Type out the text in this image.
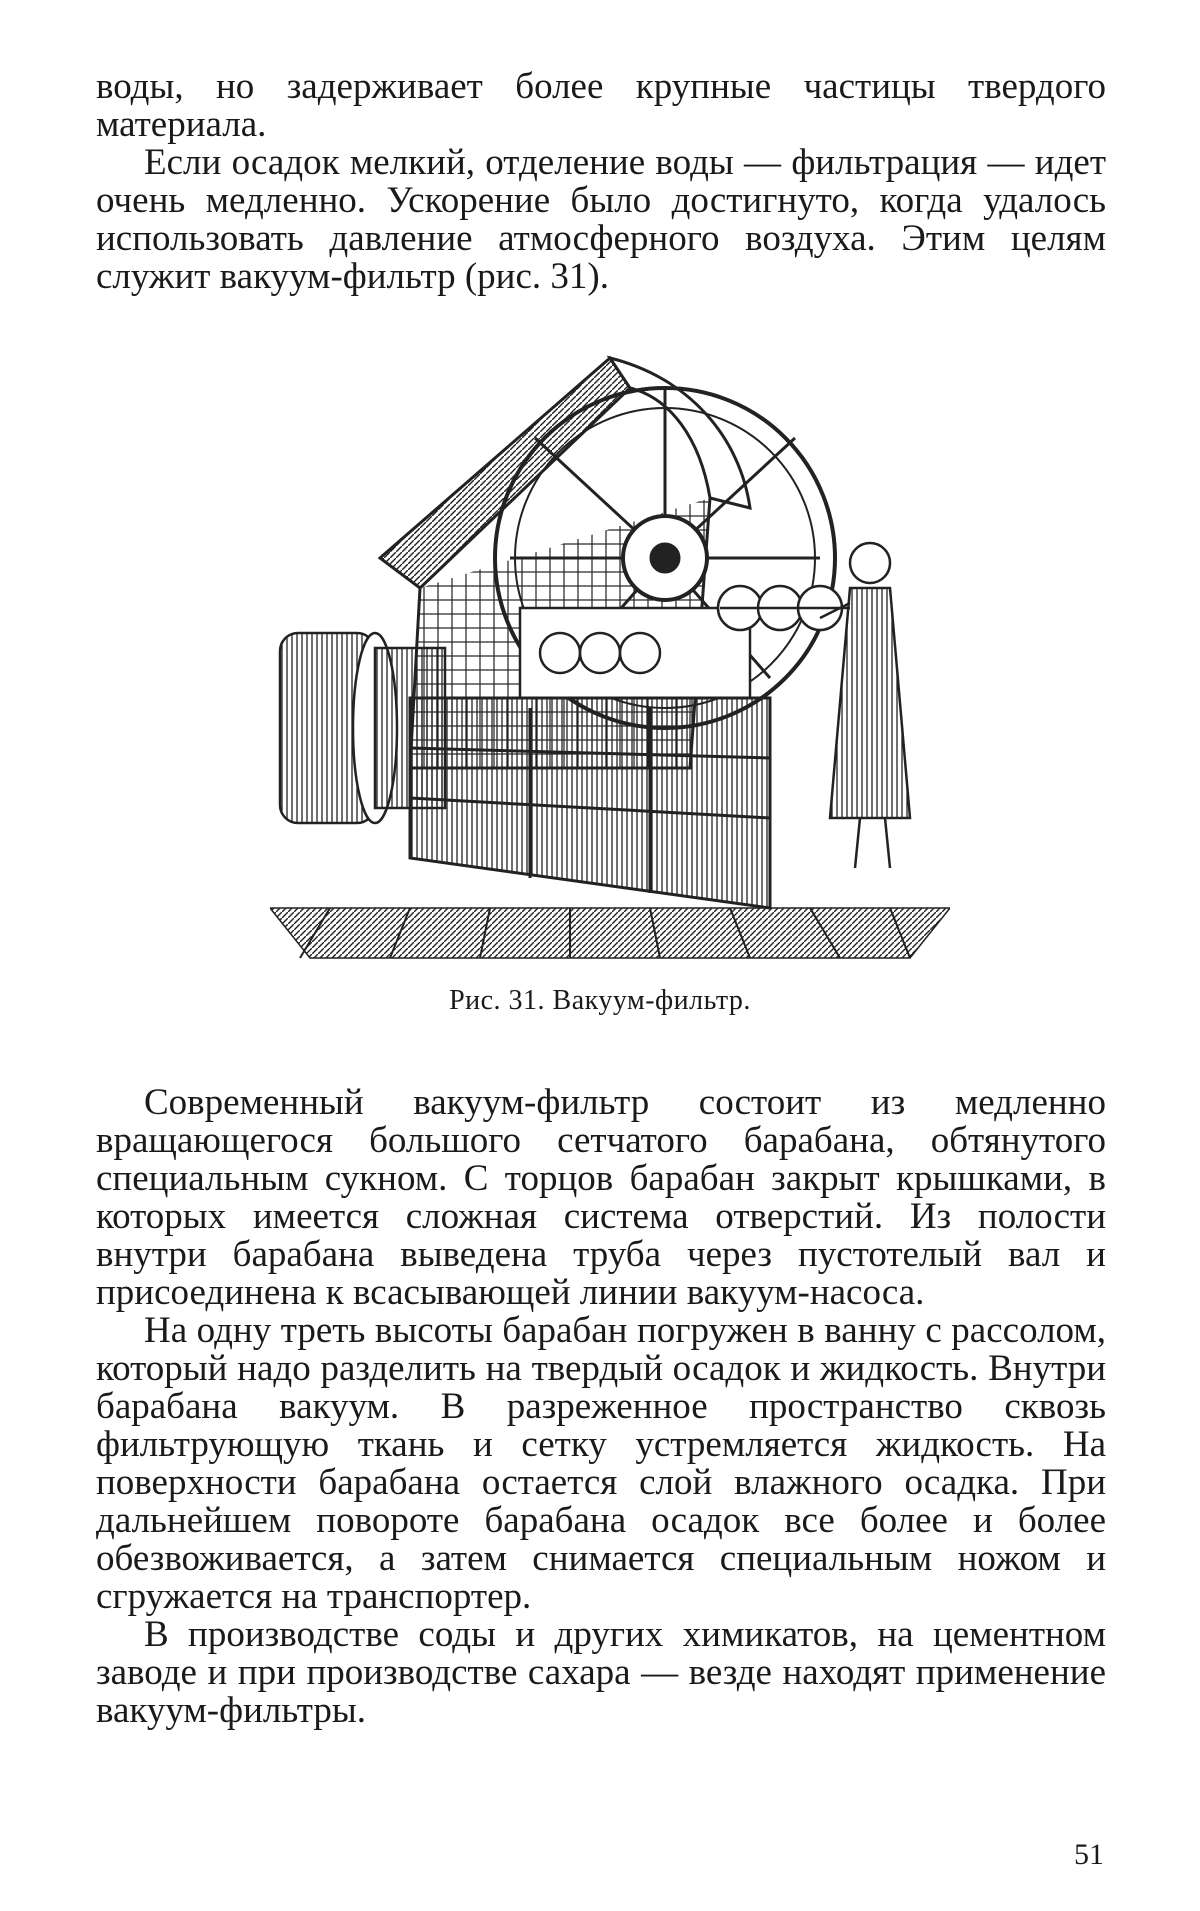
воды, но задерживает более крупные частицы твердого материала.

Если осадок мелкий, отделение воды — фильтрация — идет очень медленно. Ускорение было достигнуто, когда удалось использовать давление атмосферного воздуха. Этим целям служит вакуум-фильтр (рис. 31).

Рис. 31. Вакуум-фильтр.

Современный вакуум-фильтр состоит из медленно вращающегося большого сетчатого барабана, обтянутого специальным сукном. С торцов барабан закрыт крышками, в которых имеется сложная система отверстий. Из полости внутри барабана выведена труба через пустотелый вал и присоединена к всасывающей линии вакуум-насоса.

На одну треть высоты барабан погружен в ванну с рассолом, который надо разделить на твердый осадок и жидкость. Внутри барабана вакуум. В разреженное пространство сквозь фильтрующую ткань и сетку устремляется жидкость. На поверхности барабана остается слой влажного осадка. При дальнейшем повороте барабана осадок все более и более обезвоживается, а затем снимается специальным ножом и сгружается на транспортер.

В производстве соды и других химикатов, на цементном заводе и при производстве сахара — везде находят применение вакуум-фильтры.

51
